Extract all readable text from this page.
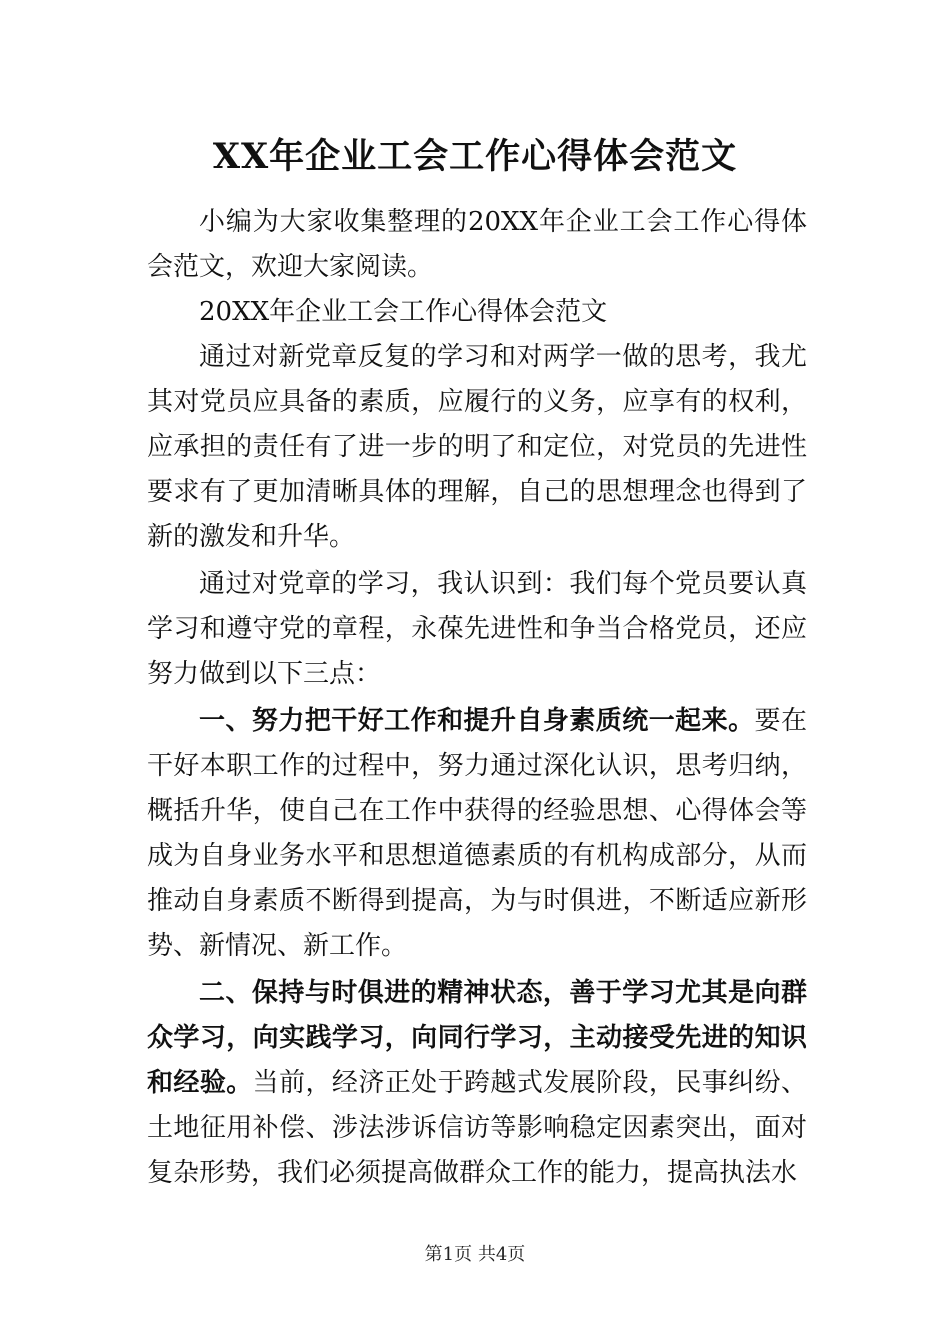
XX年企业工会工作心得体会范文

小编为大家收集整理的20XX年企业工会工作心得体会范文，欢迎大家阅读。

20XX年企业工会工作心得体会范文

通过对新党章反复的学习和对两学一做的思考，我尤其对党员应具备的素质，应履行的义务，应享有的权利，应承担的责任有了进一步的明了和定位，对党员的先进性要求有了更加清晰具体的理解，自己的思想理念也得到了新的激发和升华。

通过对党章的学习，我认识到：我们每个党员要认真学习和遵守党的章程，永葆先进性和争当合格党员，还应努力做到以下三点：

一、努力把干好工作和提升自身素质统一起来。要在干好本职工作的过程中，努力通过深化认识，思考归纳，概括升华，使自己在工作中获得的经验思想、心得体会等成为自身业务水平和思想道德素质的有机构成部分，从而推动自身素质不断得到提高，为与时俱进，不断适应新形势、新情况、新工作。

二、保持与时俱进的精神状态，善于学习尤其是向群众学习，向实践学习，向同行学习，主动接受先进的知识和经验。当前，经济正处于跨越式发展阶段，民事纠纷、土地征用补偿、涉法涉诉信访等影响稳定因素突出，面对复杂形势，我们必须提高做群众工作的能力，提高执法水

第1页 共4页
